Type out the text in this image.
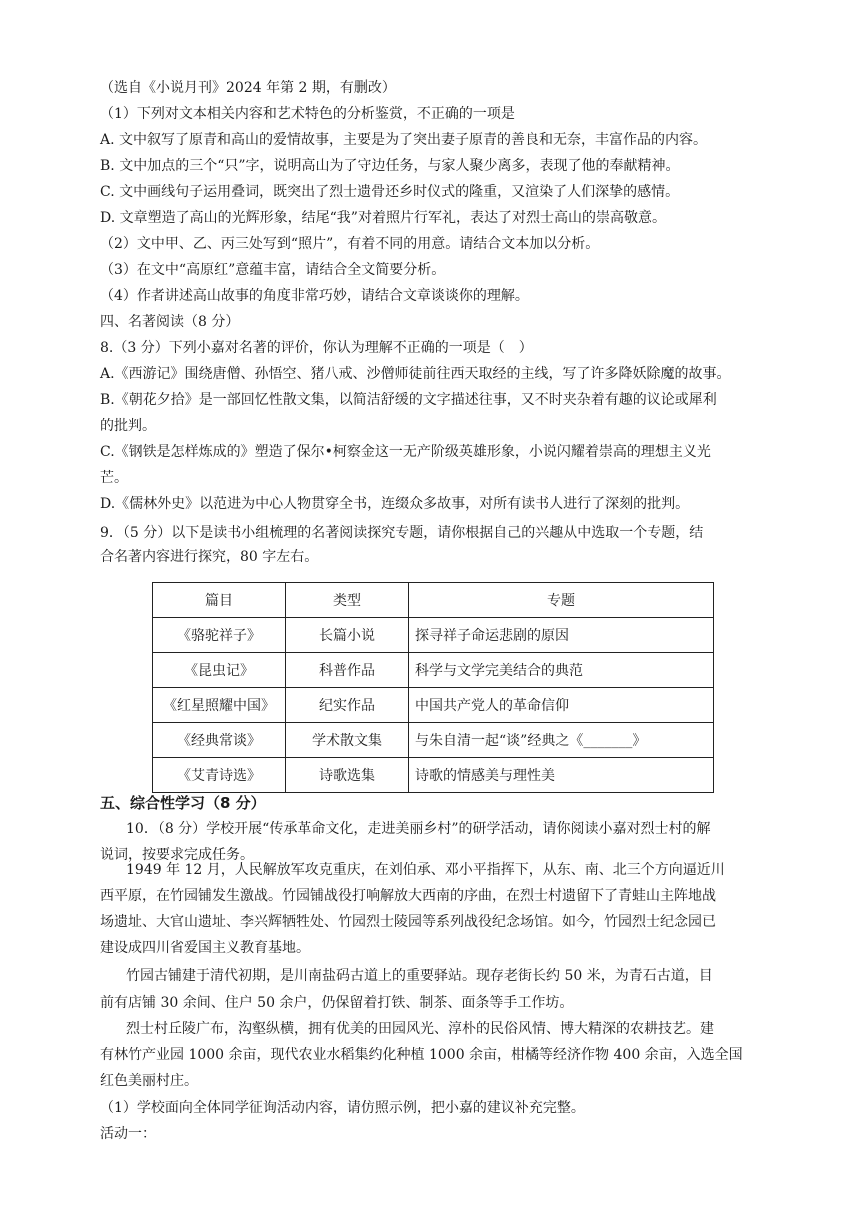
（选自《小说月刊》2024 年第 2 期，有删改）
（1）下列对文本相关内容和艺术特色的分析鉴赏，不正确的一项是
A. 文中叙写了原青和高山的爱情故事，主要是为了突出妻子原青的善良和无奈，丰富作品的内容。
B. 文中加点的三个“只”字，说明高山为了守边任务，与家人聚少离多，表现了他的奉献精神。
C. 文中画线句子运用叠词，既突出了烈士遗骨还乡时仪式的隆重，又渲染了人们深挚的感情。
D. 文章塑造了高山的光辉形象，结尾“我”对着照片行军礼，表达了对烈士高山的崇高敬意。
（2）文中甲、乙、丙三处写到“照片”，有着不同的用意。请结合文本加以分析。
（3）在文中“高原红”意蕴丰富，请结合全文简要分析。
（4）作者讲述高山故事的角度非常巧妙，请结合文章谈谈你的理解。
四、名著阅读（8 分）
8.（3 分）下列小嘉对名著的评价，你认为理解不正确的一项是（　）
A.《西游记》围绕唐僧、孙悟空、猪八戒、沙僧师徒前往西天取经的主线，写了许多降妖除魔的故事。
B.《朝花夕拾》是一部回忆性散文集，以简洁舒缓的文字描述往事，又不时夹杂着有趣的议论或犀利
的批判。
C.《钢铁是怎样炼成的》塑造了保尔•柯察金这一无产阶级英雄形象，小说闪耀着崇高的理想主义光
芒。
D.《儒林外史》以范进为中心人物贯穿全书，连缀众多故事，对所有读书人进行了深刻的批判。
9．（5 分）以下是读书小组梳理的名著阅读探究专题，请你根据自己的兴趣从中选取一个专题，结
合名著内容进行探究，80 字左右。
篇目	类型	专题
《骆驼祥子》	长篇小说	探寻祥子命运悲剧的原因
《昆虫记》	科普作品	科学与文学完美结合的典范
《红星照耀中国》	纪实作品	中国共产党人的革命信仰
《经典常谈》	学术散文集	与朱自清一起“谈”经典之《_______》
《艾青诗选》	诗歌选集	诗歌的情感美与理性美
五、综合性学习（8 分）
10．（8 分）学校开展“传承革命文化，走进美丽乡村”的研学活动，请你阅读小嘉对烈士村的解
说词，按要求完成任务。
1949 年 12 月，人民解放军攻克重庆，在刘伯承、邓小平指挥下，从东、南、北三个方向逼近川
西平原，在竹园铺发生激战。竹园铺战役打响解放大西南的序曲，在烈士村遗留下了青蛙山主阵地战
场遗址、大官山遗址、李兴辉牺牲处、竹园烈士陵园等系列战役纪念场馆。如今，竹园烈士纪念园已
建设成四川省爱国主义教育基地。
竹园古铺建于清代初期，是川南盐码古道上的重要驿站。现存老街长约 50 米，为青石古道，目
前有店铺 30 余间、住户 50 余户，仍保留着打铁、制茶、面条等手工作坊。
烈士村丘陵广布，沟壑纵横，拥有优美的田园风光、淳朴的民俗风情、博大精深的农耕技艺。建
有林竹产业园 1000 余亩，现代农业水稻集约化种植 1000 余亩，柑橘等经济作物 400 余亩，入选全国
红色美丽村庄。
（1）学校面向全体同学征询活动内容，请仿照示例，把小嘉的建议补充完整。
活动一：
